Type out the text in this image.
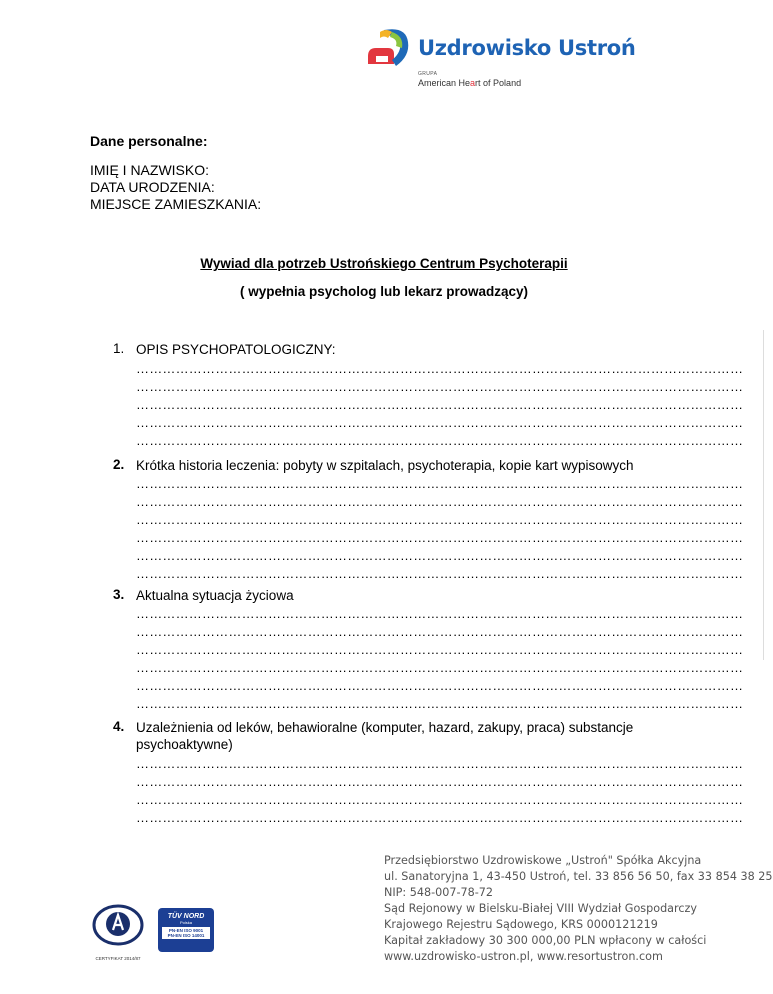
Uzdrowisko Ustroń
GRUPA
American Heart of Poland
Dane personalne:
IMIĘ I NAZWISKO:
DATA URODZENIA:
MIEJSCE ZAMIESZKANIA:
Wywiad dla potrzeb Ustrońskiego Centrum Psychoterapii
( wypełnia psycholog lub lekarz prowadzący)
1. OPIS PSYCHOPATOLOGICZNY:
…………………………………………………………………………………………………………………………
…………………………………………………………………………………………………………………………
…………………………………………………………………………………………………………………………
…………………………………………………………………………………………………………………………
…………………………………………………………………………………………………………………………
2. Krótka historia leczenia: pobyty w szpitalach, psychoterapia, kopie kart wypisowych
…………………………………………………………………………………………………………………………
…………………………………………………………………………………………………………………………
…………………………………………………………………………………………………………………………
…………………………………………………………………………………………………………………………
…………………………………………………………………………………………………………………………
…………………………………………………………………………………………………………………………
3. Aktualna sytuacja życiowa
…………………………………………………………………………………………………………………………
…………………………………………………………………………………………………………………………
…………………………………………………………………………………………………………………………
…………………………………………………………………………………………………………………………
…………………………………………………………………………………………………………………………
…………………………………………………………………………………………………………………………
4. Uzależnienia od leków, behawioralne (komputer, hazard, zakupy, praca) substancje
psychoaktywne)
…………………………………………………………………………………………………………………………
…………………………………………………………………………………………………………………………
…………………………………………………………………………………………………………………………
…………………………………………………………………………………………………………………………
CERTYFIKAT 2014/87
TÜV NORD
Polska
PN-EN ISO 9001
PN-EN ISO 14001
Przedsiębiorstwo Uzdrowiskowe „Ustroń" Spółka Akcyjna
ul. Sanatoryjna 1, 43-450 Ustroń, tel. 33 856 56 50, fax 33 854 38 25
NIP: 548-007-78-72
Sąd Rejonowy w Bielsku-Białej VIII Wydział Gospodarczy
Krajowego Rejestru Sądowego, KRS 0000121219
Kapitał zakładowy 30 300 000,00 PLN wpłacony w całości
www.uzdrowisko-ustron.pl, www.resortustron.com
